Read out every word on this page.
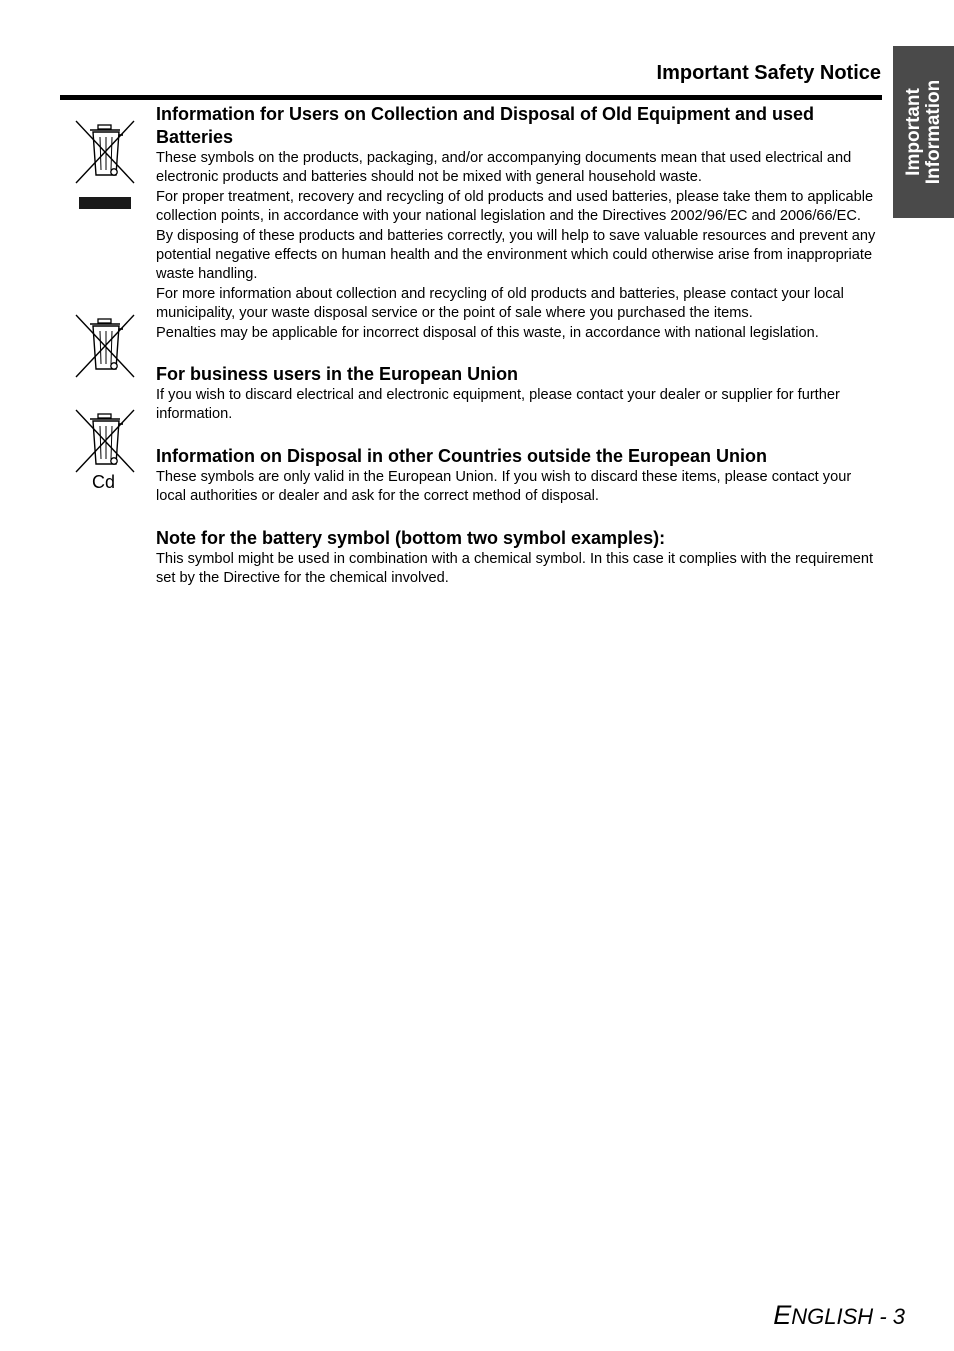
Important Safety Notice
Important Information
Cd
Information for Users on Collection and Disposal of Old Equipment and used Batteries

These symbols on the products, packaging, and/or accompanying documents mean that used electrical and electronic products and batteries should not be mixed with general household waste.

For proper treatment, recovery and recycling of old products and used batteries, please take them to applicable collection points, in accordance with your national legislation and the Directives 2002/96/EC and 2006/66/EC.

By disposing of these products and batteries correctly, you will help to save valuable resources and prevent any potential negative effects on human health and the environment which could otherwise arise from inappropriate waste handling.

For more information about collection and recycling of old products and batteries, please contact your local municipality, your waste disposal service or the point of sale where you purchased the items.

Penalties may be applicable for incorrect disposal of this waste, in accordance with national legislation.

For business users in the European Union

If you wish to discard electrical and electronic equipment, please contact your dealer or supplier for further information.

Information on Disposal in other Countries outside the European Union

These symbols are only valid in the European Union. If you wish to discard these items, please contact your local authorities or dealer and ask for the correct method of disposal.

Note for the battery symbol (bottom two symbol examples):

This symbol might be used in combination with a chemical symbol. In this case it complies with the requirement set by the Directive for the chemical involved.

ENGLISH - 3
